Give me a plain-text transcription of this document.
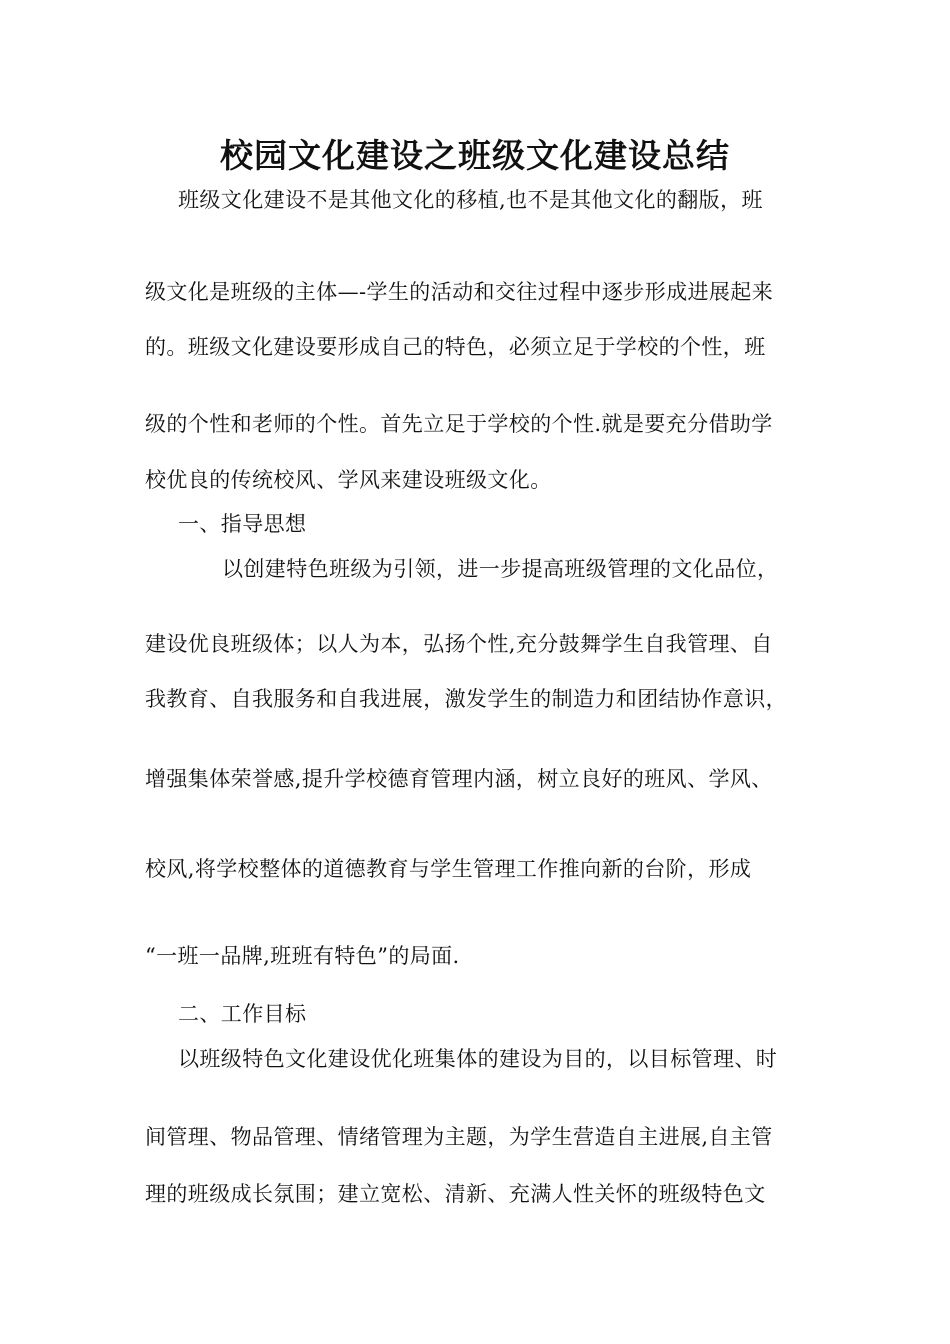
校园文化建设之班级文化建设总结
班级文化建设不是其他文化的移植,也不是其他文化的翻版，班
级文化是班级的主体—-学生的活动和交往过程中逐步形成进展起来
的。班级文化建设要形成自己的特色，必须立足于学校的个性，班
级的个性和老师的个性。首先立足于学校的个性.就是要充分借助学
校优良的传统校风、学风来建设班级文化。
一、指导思想
以创建特色班级为引领，进一步提高班级管理的文化品位，
建设优良班级体；以人为本，弘扬个性,充分鼓舞学生自我管理、自
我教育、自我服务和自我进展，激发学生的制造力和团结协作意识，
增强集体荣誉感,提升学校德育管理内涵，树立良好的班风、学风、
校风,将学校整体的道德教育与学生管理工作推向新的台阶，形成
“一班一品牌,班班有特色”的局面.
二、工作目标
以班级特色文化建设优化班集体的建设为目的，以目标管理、时
间管理、物品管理、情绪管理为主题，为学生营造自主进展,自主管
理的班级成长氛围；建立宽松、清新、充满人性关怀的班级特色文
